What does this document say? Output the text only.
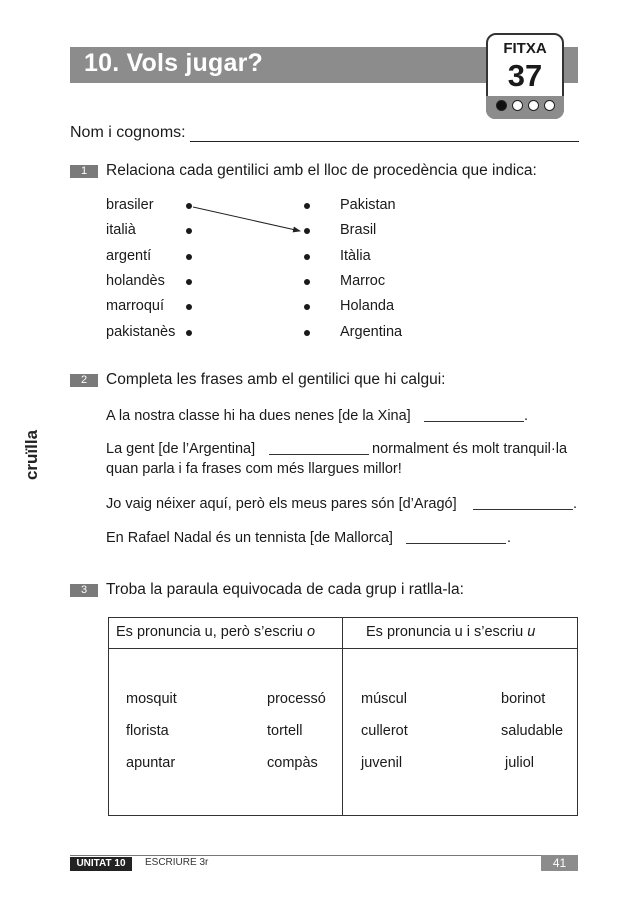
cruïlla
10. Vols jugar?
FITXA
37
Nom i cognoms:
1	Relaciona cada gentilici amb el lloc de procedència que indica:
brasiler
italià
argentí
holandès
marroquí
pakistanès
Pakistan
Brasil
Itàlia
Marroc
Holanda
Argentina
2	Completa les frases amb el gentilici que hi calgui:
A la nostra classe hi ha dues nenes [de la Xina]	.
La gent [de l’Argentina]	normalment és molt tranquil·la
quan parla i fa frases com més llargues millor!
Jo vaig néixer aquí, però els meus pares són [d’Aragó]	.
En Rafael Nadal és un tennista [de Mallorca]	.
3	Troba la paraula equivocada de cada grup i ratlla-la:
Es pronuncia u, però s’escriu o	Es pronuncia u i s’escriu u
mosquit	processó
florista	tortell
apuntar	compàs
múscul	borinot
cullerot	saludable
juvenil	juliol
UNITAT 10	ESCRIURE 3r	41
